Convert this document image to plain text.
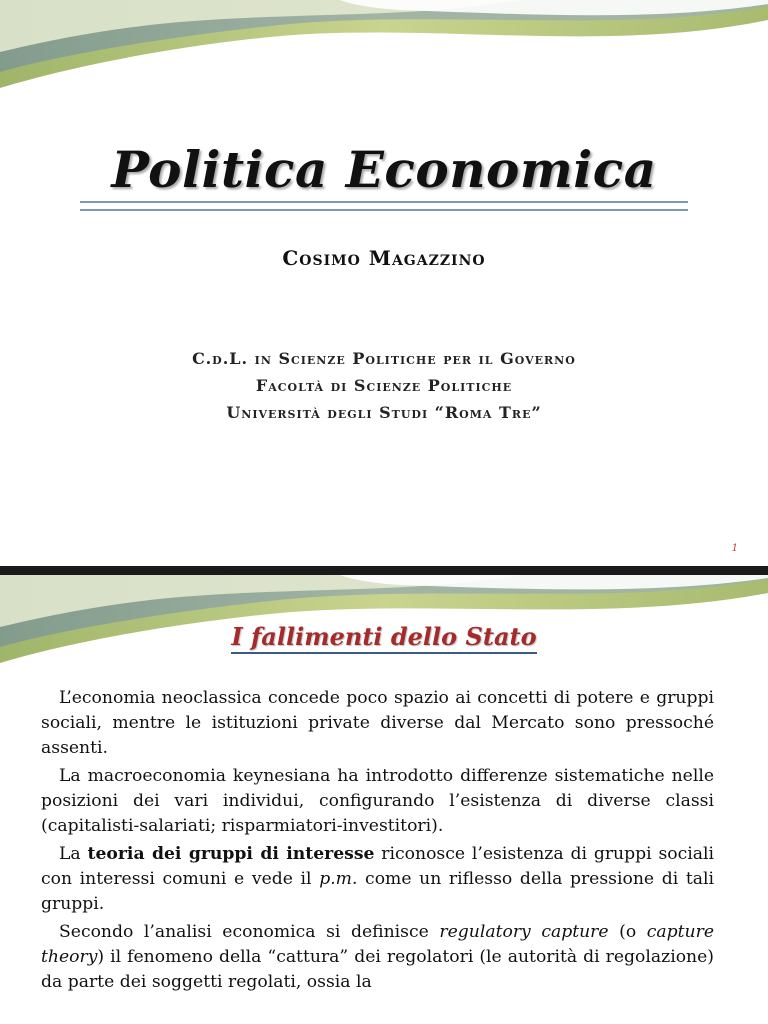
Politica Economica
Cosimo Magazzino
C.d.L. in Scienze Politiche per il Governo
Facoltà di Scienze Politiche
Università degli Studi “Roma Tre”
1
I fallimenti dello Stato

L’economia neoclassica concede poco spazio ai concetti di potere e gruppi sociali, mentre le istituzioni private diverse dal Mercato sono pressoché assenti.

La macroeconomia keynesiana ha introdotto differenze sistematiche nelle posizioni dei vari individui, configurando l’esistenza di diverse classi (capitalisti-salariati; risparmiatori-investitori).

La teoria dei gruppi di interesse riconosce l’esistenza di gruppi sociali con interessi comuni e vede il p.m. come un riflesso della pressione di tali gruppi.

Secondo l’analisi economica si definisce regulatory capture (o capture theory) il fenomeno della “cattura” dei regolatori (le autorità di regolazione) da parte dei soggetti regolati, ossia la
